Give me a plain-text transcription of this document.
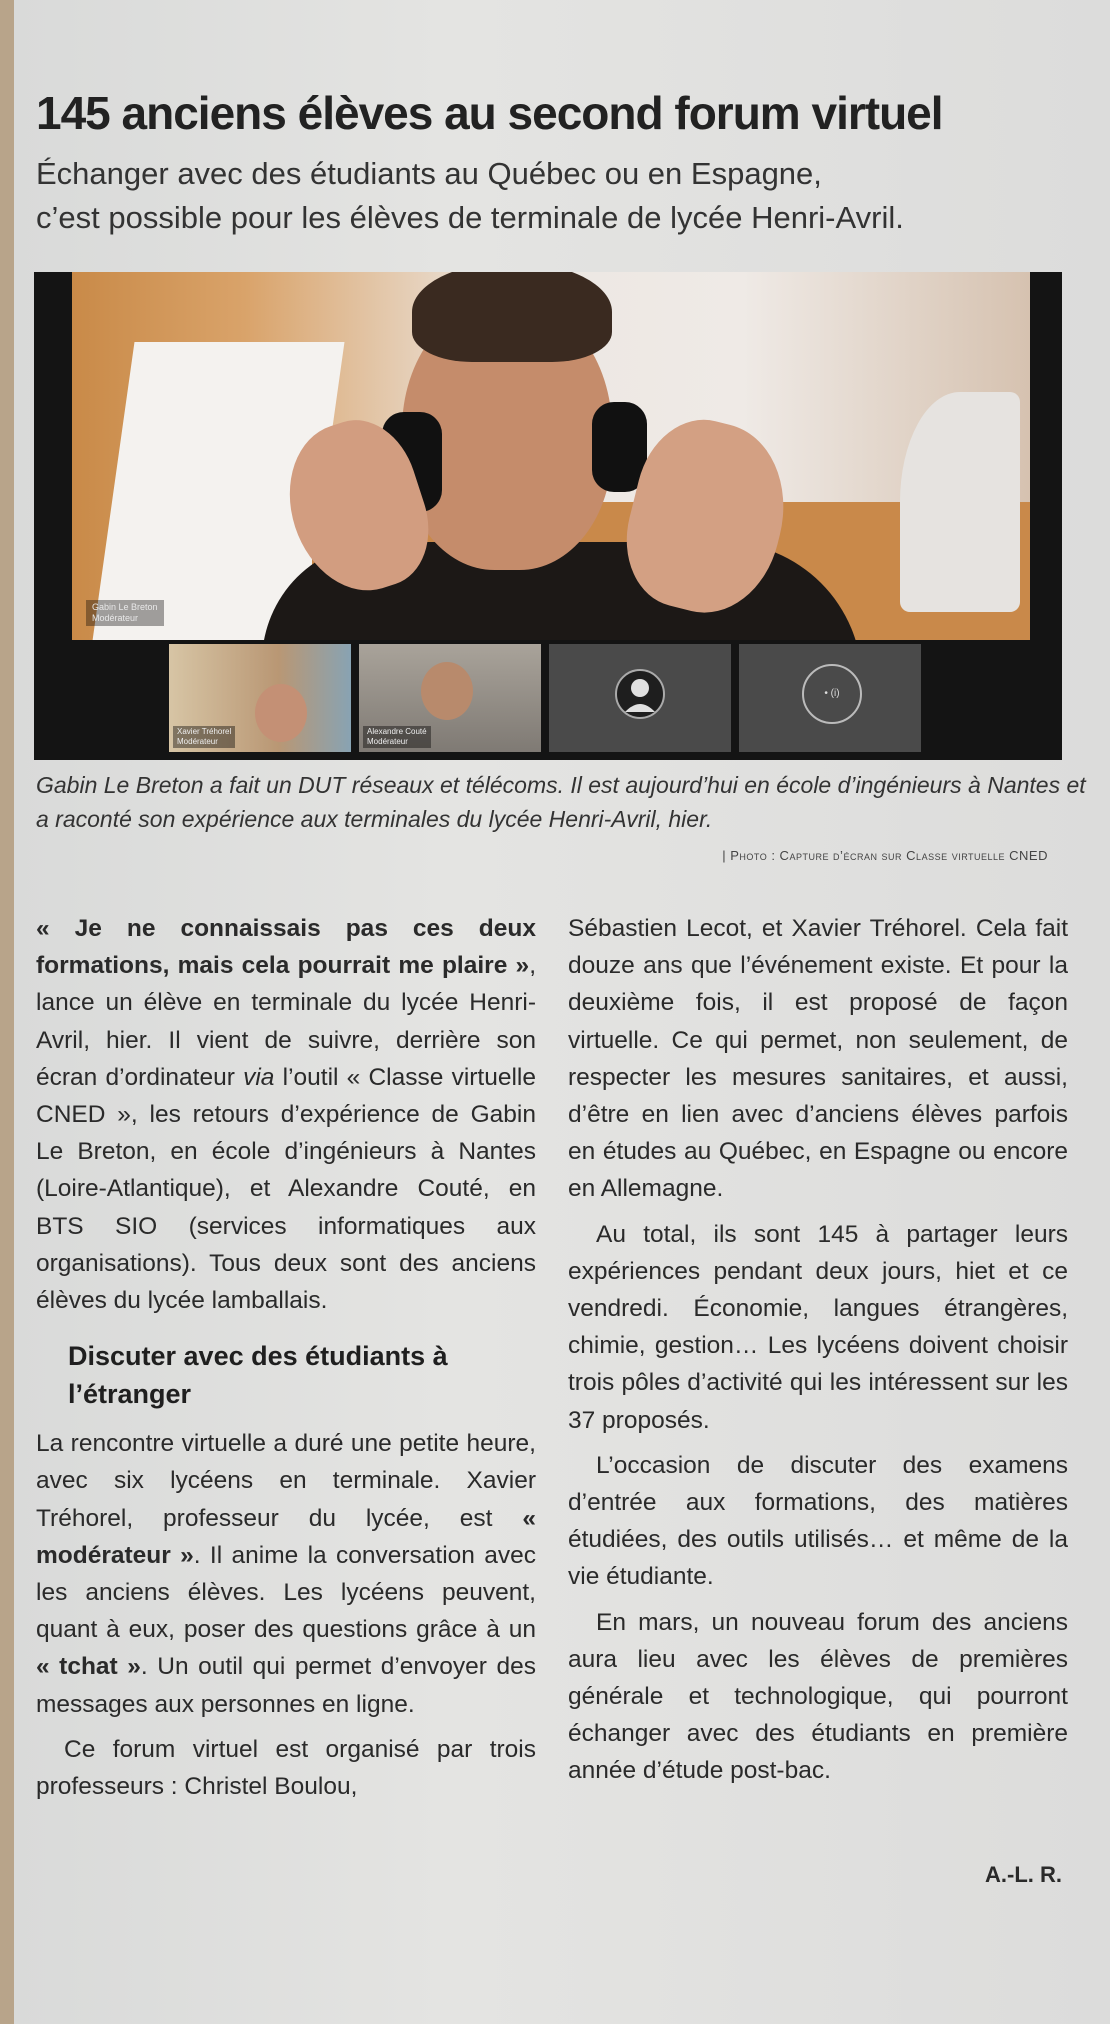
145 anciens élèves au second forum virtuel
Échanger avec des étudiants au Québec ou en Espagne,
c’est possible pour les élèves de terminale de lycée Henri-Avril.
Gabin Le Breton
Modérateur
Xavier Tréhorel
Modérateur
Alexandre Couté
Modérateur
• (i)

Gabin Le Breton a fait un DUT réseaux et télécoms. Il est aujourd’hui en école d’ingénieurs à Nantes et a raconté son expérience aux terminales du lycée Henri-Avril, hier.

| Photo : Capture d’écran sur Classe virtuelle CNED

« Je ne connaissais pas ces deux formations, mais cela pourrait me plaire », lance un élève en terminale du lycée Henri-Avril, hier. Il vient de suivre, derrière son écran d’ordinateur via l’outil « Classe virtuelle CNED », les retours d’expérience de Gabin Le Breton, en école d’ingénieurs à Nantes (Loire-Atlantique), et Alexandre Couté, en BTS SIO (services informatiques aux organisations). Tous deux sont des anciens élèves du lycée lamballais.

Discuter avec des étudiants à l’étranger

La rencontre virtuelle a duré une petite heure, avec six lycéens en terminale. Xavier Tréhorel, professeur du lycée, est « modérateur ». Il anime la conversation avec les anciens élèves. Les lycéens peuvent, quant à eux, poser des questions grâce à un « tchat ». Un outil qui permet d’envoyer des messages aux personnes en ligne.

Ce forum virtuel est organisé par trois professeurs : Christel Boulou,

Sébastien Lecot, et Xavier Tréhorel. Cela fait douze ans que l’événement existe. Et pour la deuxième fois, il est proposé de façon virtuelle. Ce qui permet, non seulement, de respecter les mesures sanitaires, et aussi, d’être en lien avec d’anciens élèves parfois en études au Québec, en Espagne ou encore en Allemagne.

Au total, ils sont 145 à partager leurs expériences pendant deux jours, hiet et ce vendredi. Économie, langues étrangères, chimie, gestion… Les lycéens doivent choisir trois pôles d’activité qui les intéressent sur les 37 proposés.

L’occasion de discuter des examens d’entrée aux formations, des matières étudiées, des outils utilisés… et même de la vie étudiante.

En mars, un nouveau forum des anciens aura lieu avec les élèves de premières générale et technologique, qui pourront échanger avec des étudiants en première année d’étude post-bac.

A.-L. R.
